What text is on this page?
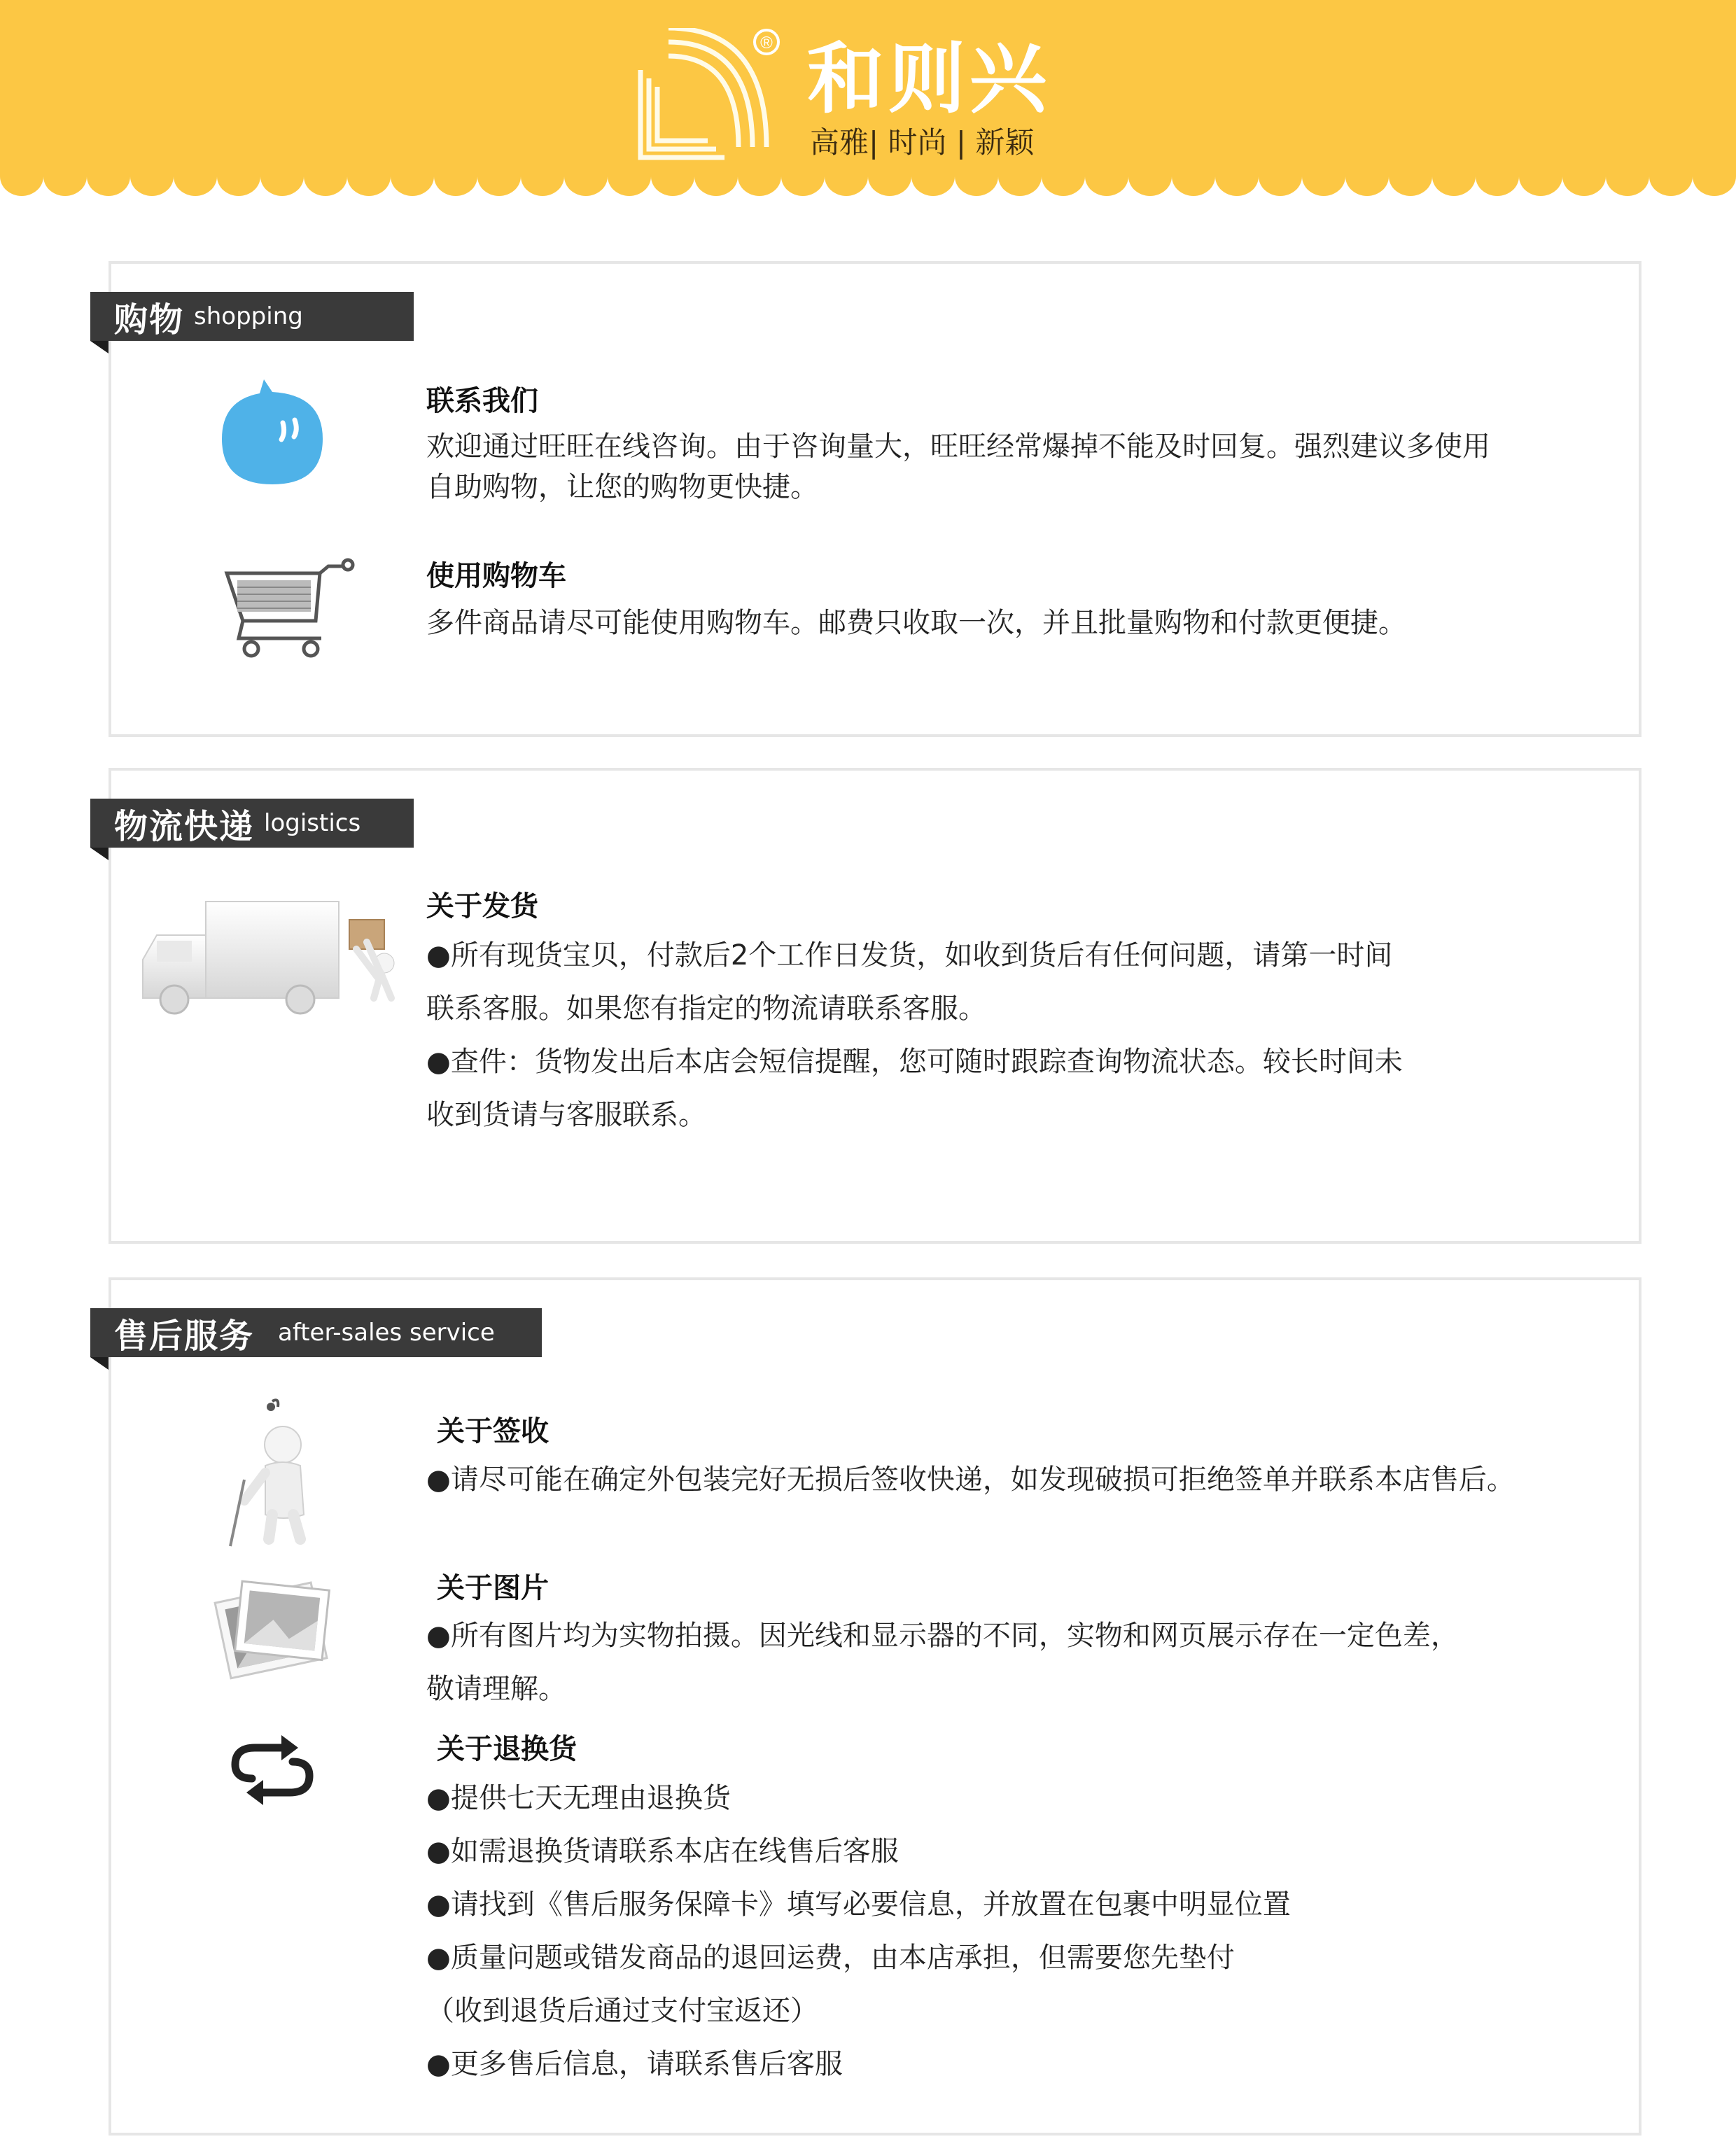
® 和则兴
高雅| 时尚 | 新颖
购物 shopping
联系我们
欢迎通过旺旺在线咨询。由于咨询量大，旺旺经常爆掉不能及时回复。强烈建议多使用
自助购物，让您的购物更快捷。
使用购物车
多件商品请尽可能使用购物车。邮费只收取一次，并且批量购物和付款更便捷。
物流快递 logistics
关于发货
●所有现货宝贝，付款后2个工作日发货，如收到货后有任何问题，请第一时间
联系客服。如果您有指定的物流请联系客服。
●查件：货物发出后本店会短信提醒，您可随时跟踪查询物流状态。较长时间未
收到货请与客服联系。
售后服务 after-sales service
关于签收
●请尽可能在确定外包装完好无损后签收快递，如发现破损可拒绝签单并联系本店售后。
关于图片
●所有图片均为实物拍摄。因光线和显示器的不同，实物和网页展示存在一定色差，
敬请理解。
关于退换货
●提供七天无理由退换货
●如需退换货请联系本店在线售后客服
●请找到《售后服务保障卡》填写必要信息，并放置在包裹中明显位置
●质量问题或错发商品的退回运费，由本店承担，但需要您先垫付
（收到退货后通过支付宝返还）
●更多售后信息，请联系售后客服
